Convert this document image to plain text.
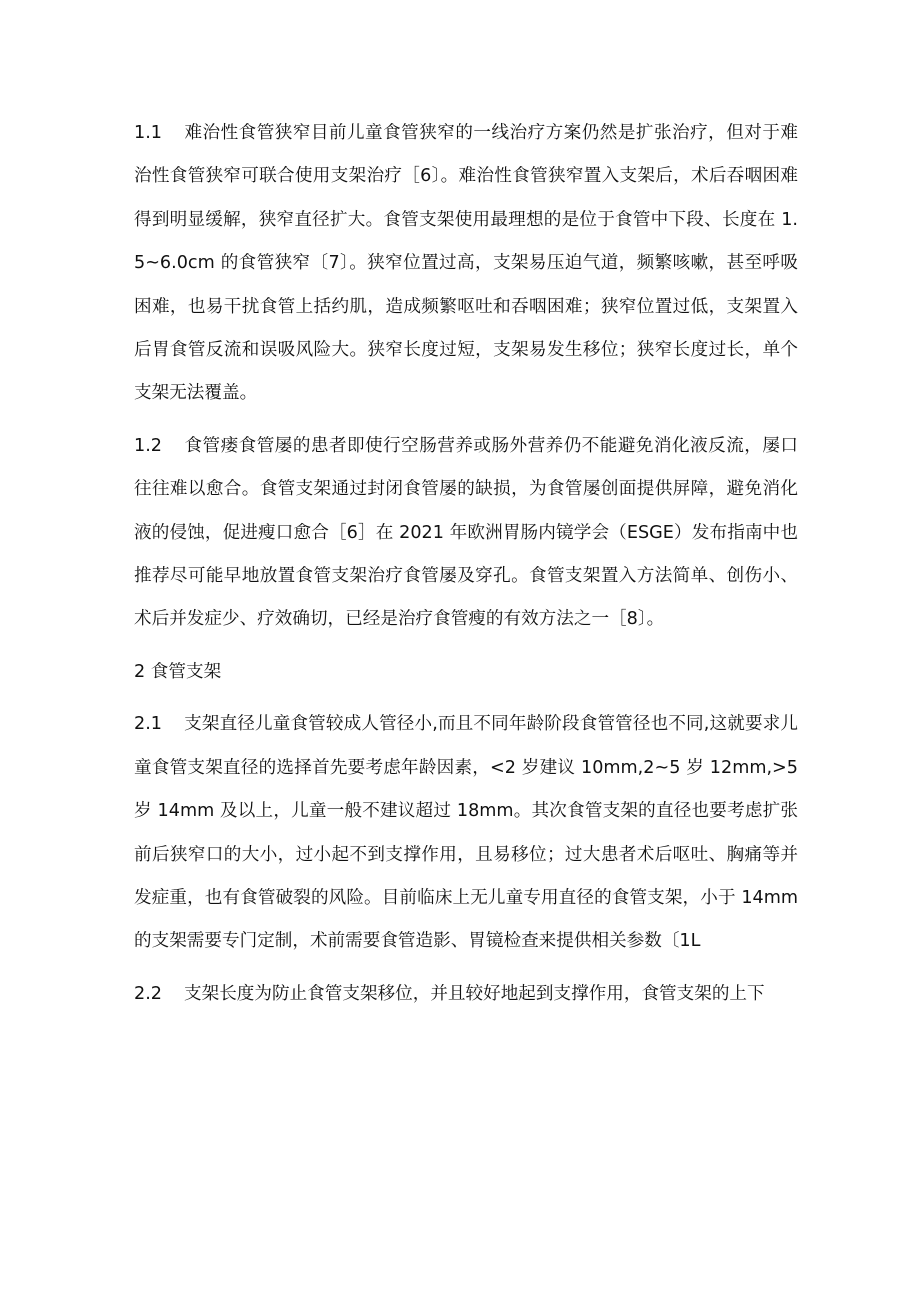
1.1 难治性食管狭窄目前儿童食管狭窄的一线治疗方案仍然是扩张治疗，但对于难治性食管狭窄可联合使用支架治疗［6〕。难治性食管狭窄置入支架后，术后吞咽困难得到明显缓解，狭窄直径扩大。食管支架使用最理想的是位于食管中下段、长度在 1.5~6.0cm 的食管狭窄〔7〕。狭窄位置过高，支架易压迫气道，频繁咳嗽，甚至呼吸困难，也易干扰食管上括约肌，造成频繁呕吐和吞咽困难；狭窄位置过低，支架置入后胃食管反流和误吸风险大。狭窄长度过短，支架易发生移位；狭窄长度过长，单个支架无法覆盖。

1.2 食管瘘食管屡的患者即使行空肠营养或肠外营养仍不能避免消化液反流，屡口往往难以愈合。食管支架通过封闭食管屡的缺损，为食管屡创面提供屏障，避免消化液的侵蚀，促进瘦口愈合［6］在 2021 年欧洲胃肠内镜学会（ESGE）发布指南中也推荐尽可能早地放置食管支架治疗食管屡及穿孔。食管支架置入方法简单、创伤小、术后并发症少、疗效确切，已经是治疗食管瘦的有效方法之一［8〕。

2 食管支架

2.1 支架直径儿童食管较成人管径小,而且不同年龄阶段食管管径也不同,这就要求儿童食管支架直径的选择首先要考虑年龄因素，<2 岁建议 10mm,2~5 岁 12mm,>5 岁 14mm 及以上，儿童一般不建议超过 18mm。其次食管支架的直径也要考虑扩张前后狭窄口的大小，过小起不到支撑作用，且易移位；过大患者术后呕吐、胸痛等并发症重，也有食管破裂的风险。目前临床上无儿童专用直径的食管支架，小于 14mm 的支架需要专门定制，术前需要食管造影、胃镜检查来提供相关参数〔1L

2.2 支架长度为防止食管支架移位，并且较好地起到支撑作用，食管支架的上下
